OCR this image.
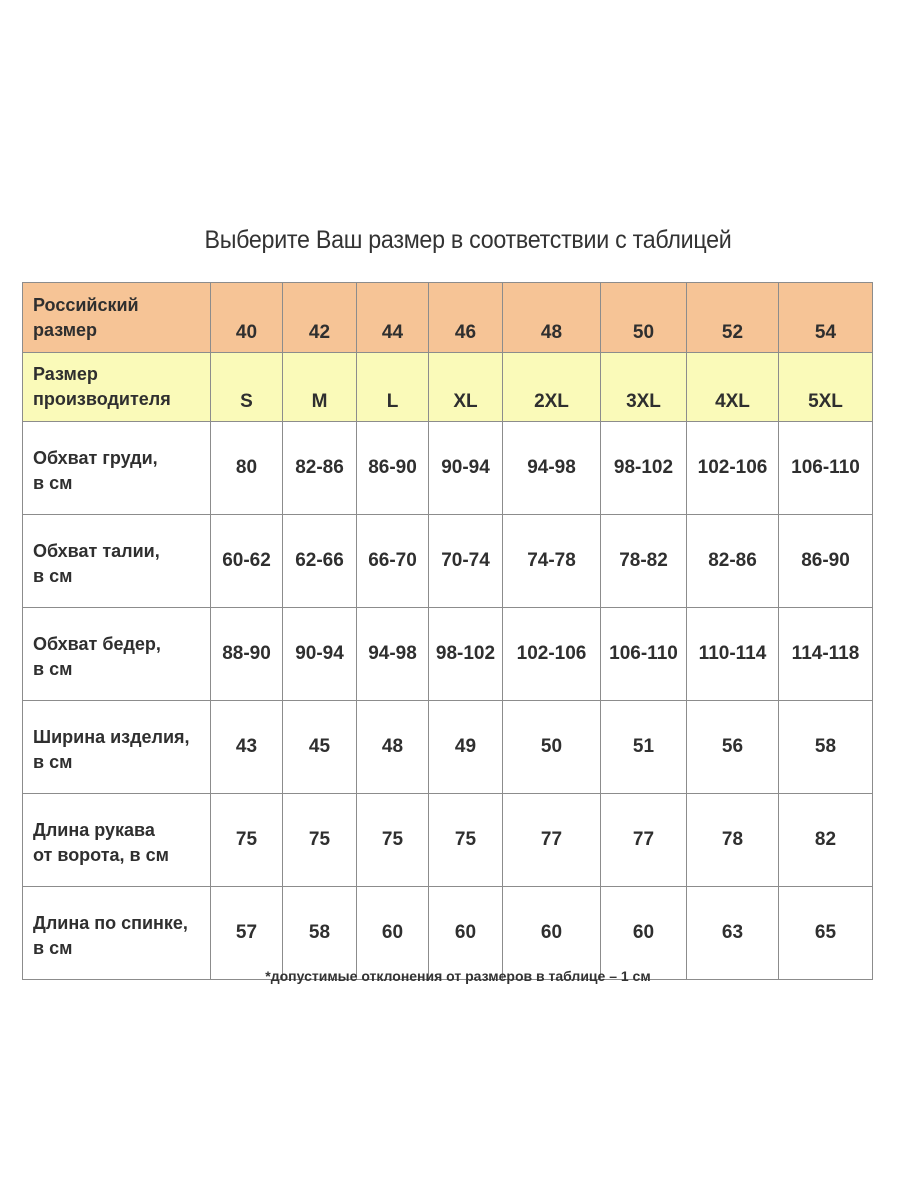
Выберите Ваш размер в соответствии с таблицей
Российский
размер	40	42	44	46	48	50	52	54

Размер
производителя	S	M	L	XL	2XL	3XL	4XL	5XL

Обхват груди,
в см	80	82-86	86-90	90-94	94-98	98-102	102-106	106-110

Обхват талии,
в см	60-62	62-66	66-70	70-74	74-78	78-82	82-86	86-90

Обхват бедер,
в см	88-90	90-94	94-98	98-102	102-106	106-110	110-114	114-118

Ширина изделия,
в см	43	45	48	49	50	51	56	58

Длина рукава
от ворота, в см	75	75	75	75	77	77	78	82

Длина по спинке,
в см	57	58	60	60	60	60	63	65
*допустимые отклонения от размеров в таблице – 1 см
